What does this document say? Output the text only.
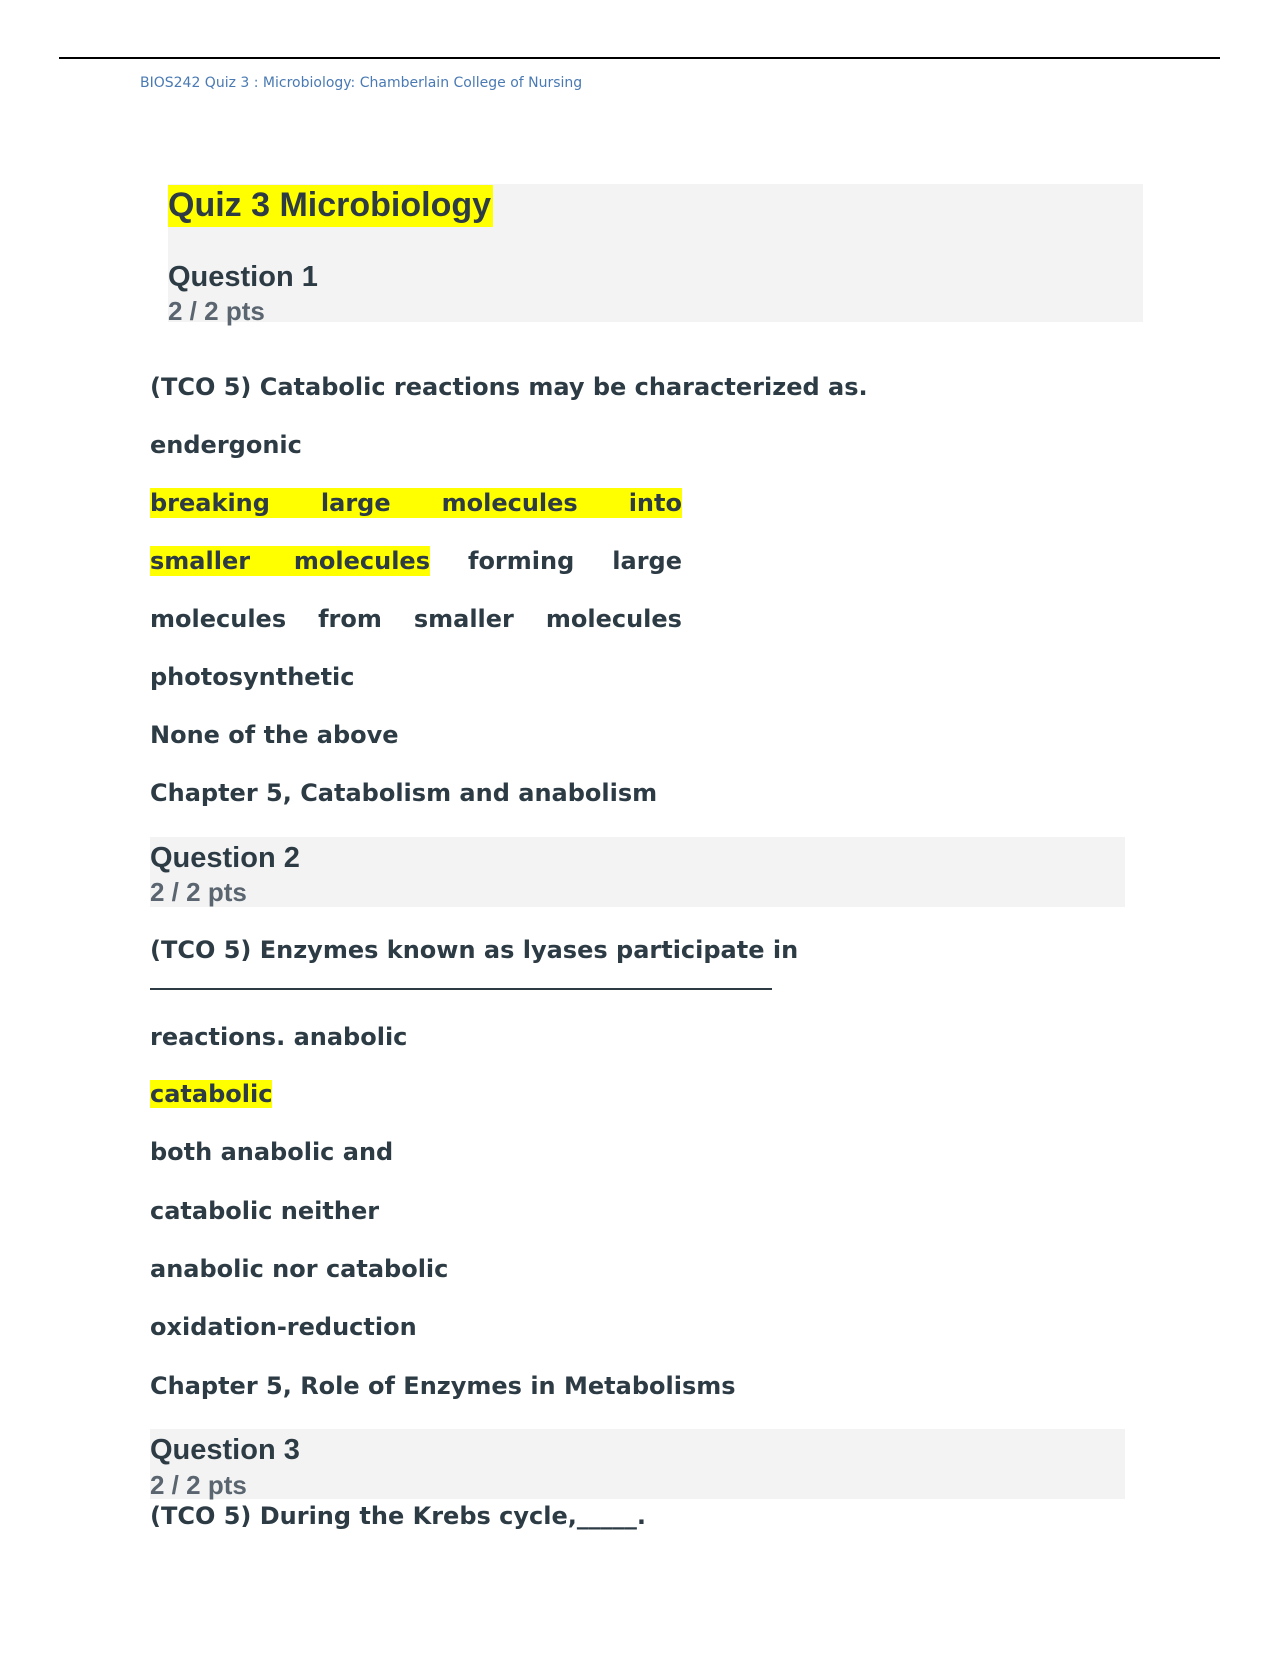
BIOS242 Quiz 3 : Microbiology: Chamberlain College of Nursing
Quiz 3 Microbiology
Question 1
2 / 2 pts
(TCO 5) Catabolic reactions may be characterized as.
endergonic
breaking large molecules into
smaller molecules forming large
molecules from smaller molecules
photosynthetic
None of the above
Chapter 5, Catabolism and anabolism
Question 2
2 / 2 pts
(TCO 5) Enzymes known as lyases participate in
reactions. anabolic
catabolic
both anabolic and
catabolic neither
anabolic nor catabolic
oxidation-reduction
Chapter 5, Role of Enzymes in Metabolisms
Question 3
2 / 2 pts
(TCO 5) During the Krebs cycle,_____.
